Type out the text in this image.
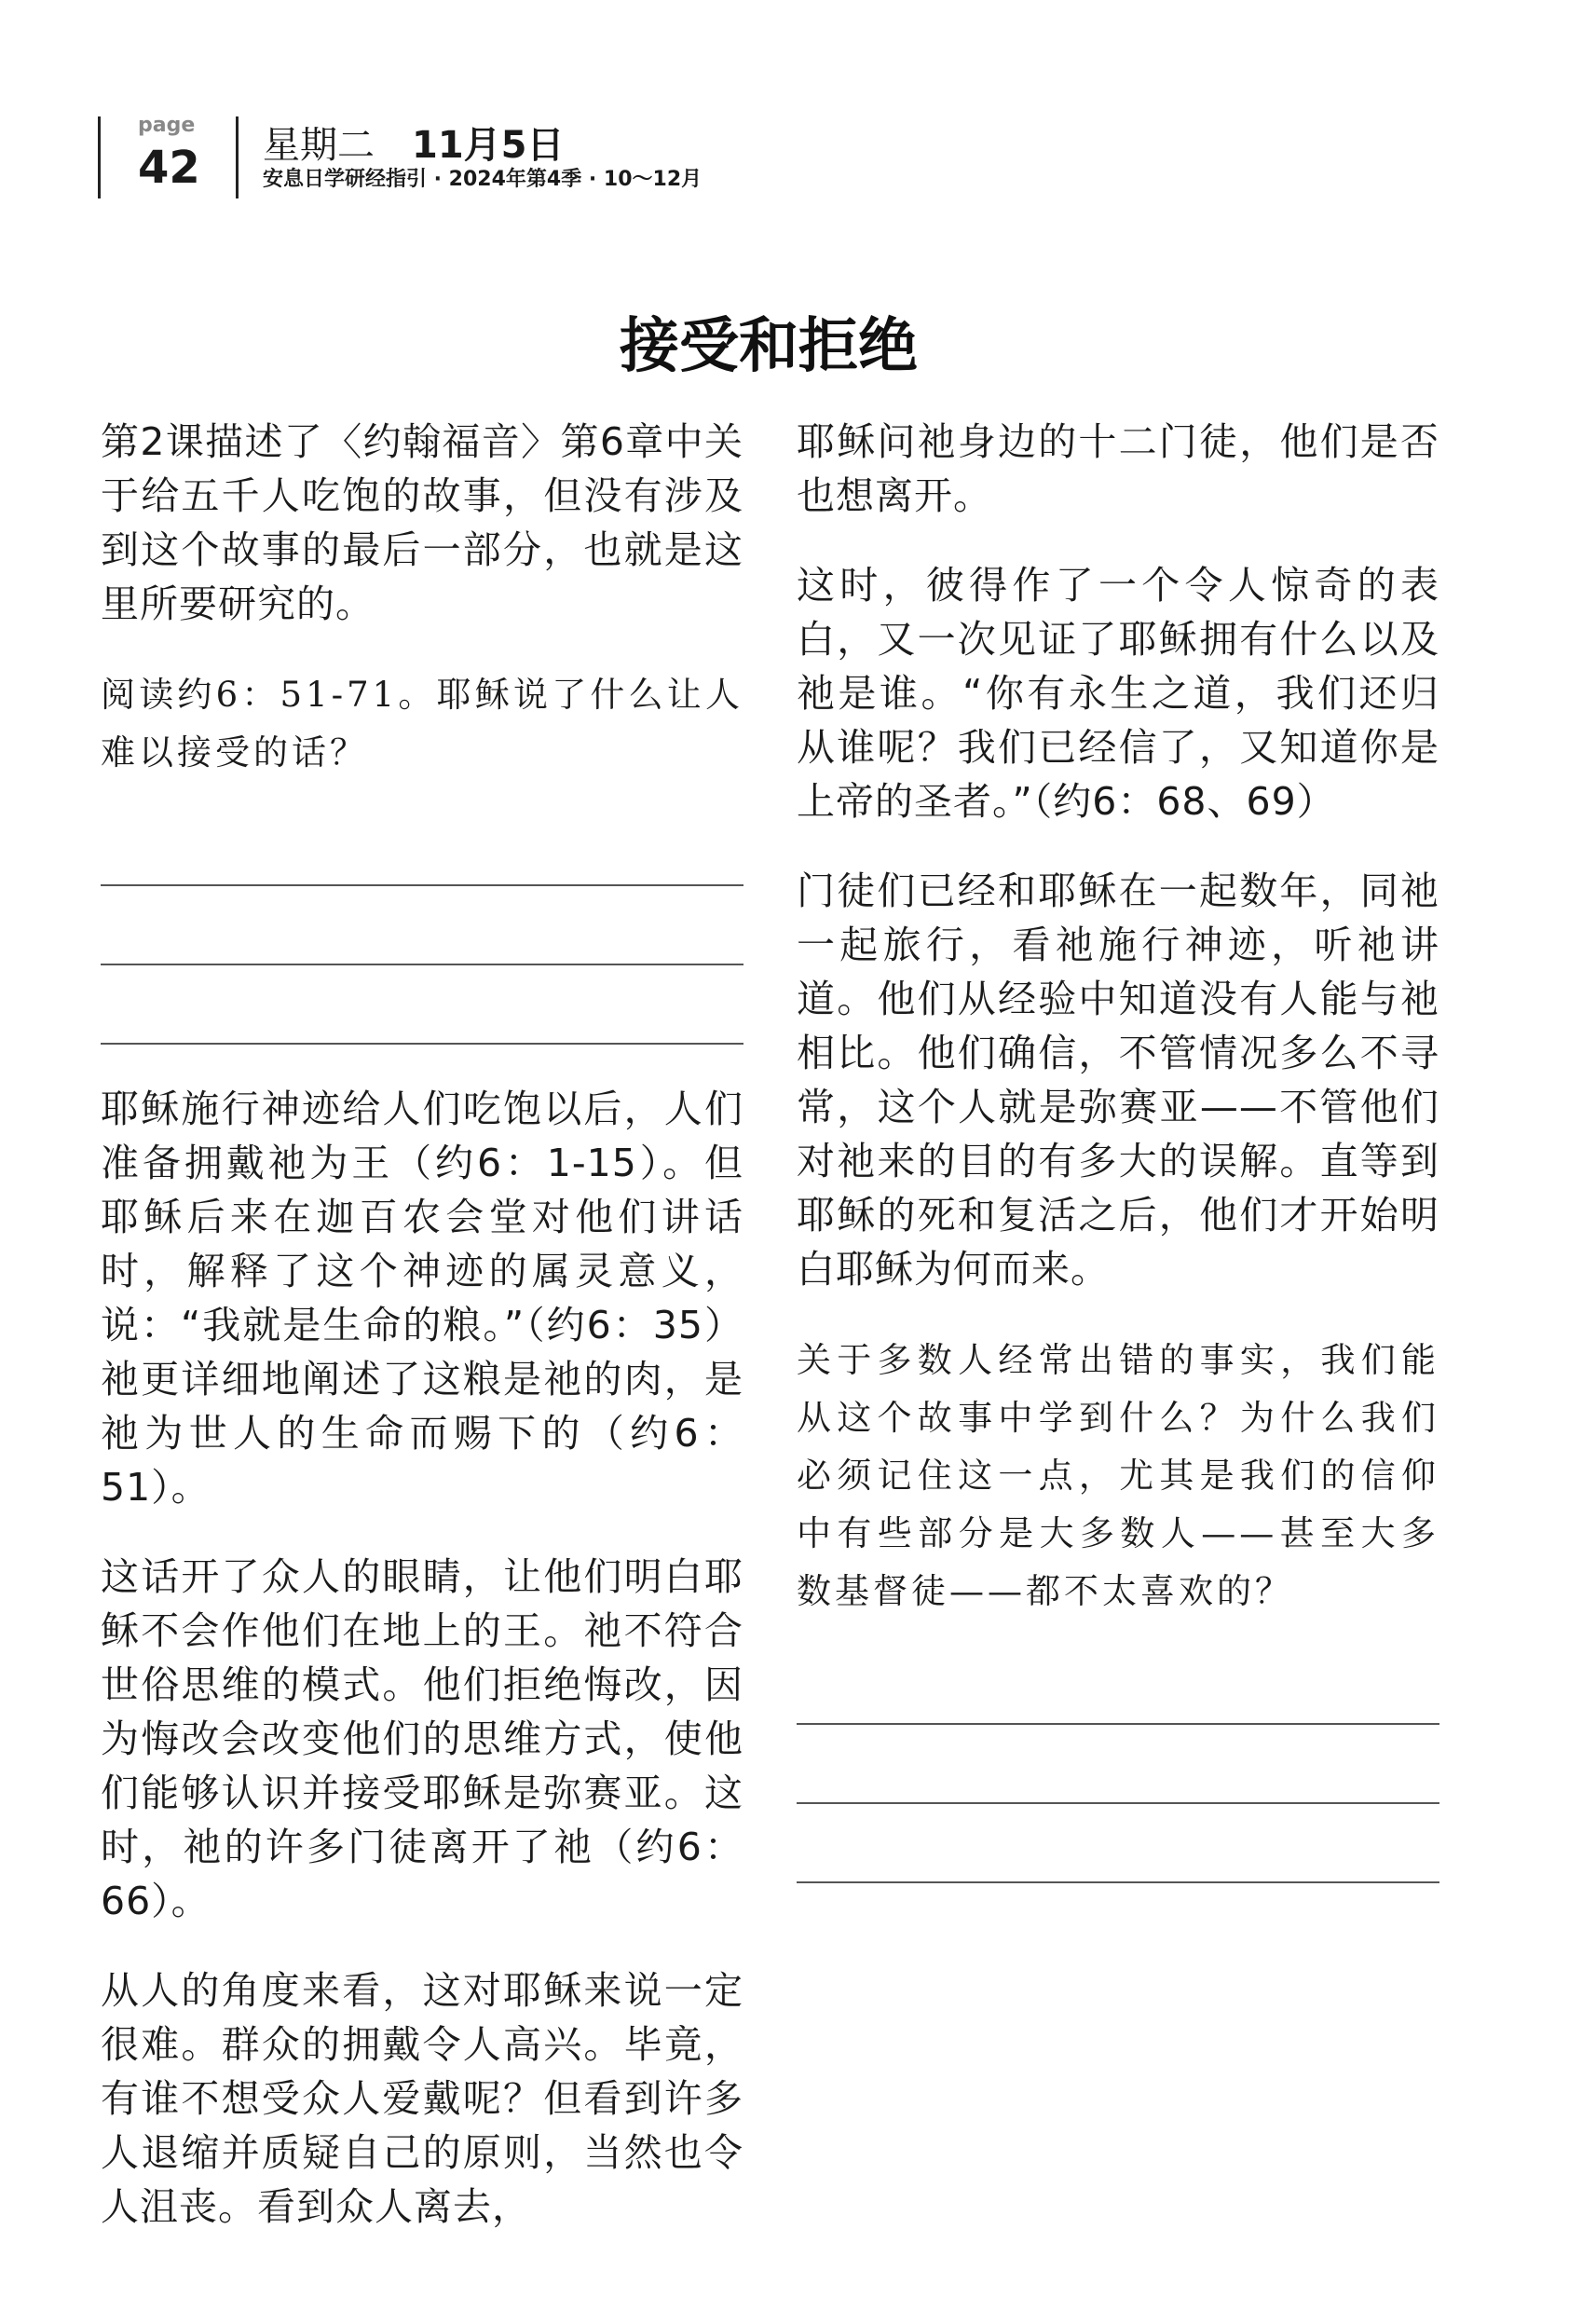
page
42 星期二 11月5日
安息日学研经指引 · 2024年第4季 · 10～12月
接受和拒绝

第2课描述了〈约翰福音〉第6章中关于给五千人吃饱的故事，但没有涉及到这个故事的最后一部分，也就是这里所要研究的。

阅读约6：51-71。耶稣说了什么让人难以接受的话？

耶稣施行神迹给人们吃饱以后，人们准备拥戴祂为王（约6：1-15）。但耶稣后来在迦百农会堂对他们讲话时，解释了这个神迹的属灵意义，说：“我就是生命的粮。”（约6：35）祂更详细地阐述了这粮是祂的肉，是祂为世人的生命而赐下的（约6：51）。

这话开了众人的眼睛，让他们明白耶稣不会作他们在地上的王。祂不符合世俗思维的模式。他们拒绝悔改，因为悔改会改变他们的思维方式，使他们能够认识并接受耶稣是弥赛亚。这时，祂的许多门徒离开了祂（约6：66）。

从人的角度来看，这对耶稣来说一定很难。群众的拥戴令人高兴。毕竟，有谁不想受众人爱戴呢？但看到许多人退缩并质疑自己的原则，当然也令人沮丧。看到众人离去，

耶稣问祂身边的十二门徒，他们是否也想离开。

这时，彼得作了一个令人惊奇的表白，又一次见证了耶稣拥有什么以及祂是谁。“你有永生之道，我们还归从谁呢？我们已经信了，又知道你是上帝的圣者。”（约6：68、69）

门徒们已经和耶稣在一起数年，同祂一起旅行，看祂施行神迹，听祂讲道。他们从经验中知道没有人能与祂相比。他们确信，不管情况多么不寻常，这个人就是弥赛亚——不管他们对祂来的目的有多大的误解。直等到耶稣的死和复活之后，他们才开始明白耶稣为何而来。

关于多数人经常出错的事实，我们能从这个故事中学到什么？为什么我们必须记住这一点，尤其是我们的信仰中有些部分是大多数人——甚至大多数基督徒——都不太喜欢的？
